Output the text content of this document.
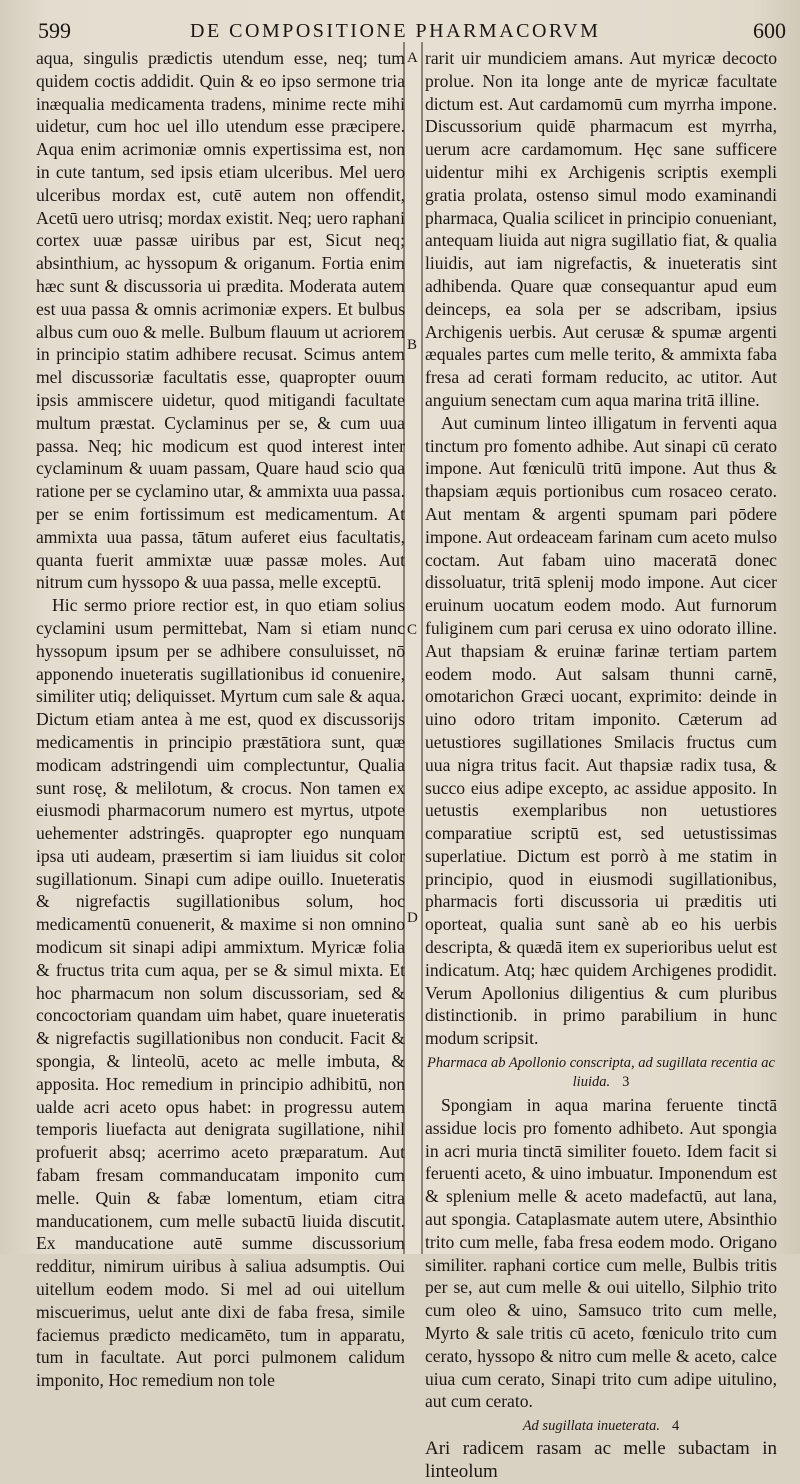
599	DE COMPOSITIONE PHARMACORVM	600
A
B
C
D

aqua, singulis prædictis utendum esse, neq; tum quidem coctis addidit. Quin & eo ipso sermone tria inæqualia medicamenta tradens, minime recte mihi uidetur, cum hoc uel illo utendum esse præcipere. Aqua enim acrimoniæ omnis expertissima est, non in cute tantum, sed ipsis etiam ulceribus. Mel uero ulceribus mordax est, cutē autem non offendit, Acetū uero utrisq; mordax existit. Neq; uero raphani cortex uuæ passæ uiribus par est, Sicut neq; absinthium, ac hyssopum & origanum. Fortia enim hæc sunt & discussoria ui prædita. Moderata autem est uua passa & omnis acrimoniæ expers. Et bulbus albus cum ouo & melle. Bulbum flauum ut acriorem in principio statim adhibere recusat. Scimus antem mel discussoriæ facultatis esse, quapropter ouum ipsis ammiscere uidetur, quod mitigandi facultate multum præstat. Cyclaminus per se, & cum uua passa. Neq; hic modicum est quod interest inter cyclaminum & uuam passam, Quare haud scio qua ratione per se cyclamino utar, & ammixta uua passa. per se enim fortissimum est medicamentum. At ammixta uua passa, tātum auferet eius facultatis, quanta fuerit ammixtæ uuæ passæ moles. Aut nitrum cum hyssopo & uua passa, melle exceptū.

Hic sermo priore rectior est, in quo etiam solius cyclamini usum permittebat, Nam si etiam nunc hyssopum ipsum per se adhibere consuluisset, nō apponendo inueteratis sugillationibus id conuenire, similiter utiq; deliquisset. Myrtum cum sale & aqua. Dictum etiam antea à me est, quod ex discussorijs medicamentis in principio præstātiora sunt, quæ modicam adstringendi uim complectuntur, Qualia sunt rosę, & melilotum, & crocus. Non tamen ex eiusmodi pharmacorum numero est myrtus, utpote uehementer adstringēs. quapropter ego nunquam ipsa uti audeam, præsertim si iam liuidus sit color sugillationum. Sinapi cum adipe ouillo. Inueteratis & nigrefactis sugillationibus solum, hoc medicamentū conuenerit, & maxime si non omnino modicum sit sinapi adipi ammixtum. Myricæ folia & fructus trita cum aqua, per se & simul mixta. Et hoc pharmacum non solum discussoriam, sed & concoctoriam quandam uim habet, quare inueteratis & nigrefactis sugillationibus non conducit. Facit & spongia, & linteolū, aceto ac melle imbuta, & apposita. Hoc remedium in principio adhibitū, non ualde acri aceto opus habet: in progressu autem temporis liuefacta aut denigrata sugillatione, nihil profuerit absq; acerrimo aceto præparatum. Aut fabam fresam commanducatam imponito cum melle. Quin & fabæ lomentum, etiam citra manducationem, cum melle subactū liuida discutit. Ex manducatione autē summe discussorium redditur, nimirum uiribus à saliua adsumptis. Oui uitellum eodem modo. Si mel ad oui uitellum miscuerimus, uelut ante dixi de faba fresa, simile faciemus prædicto medicamēto, tum in apparatu, tum in facultate. Aut porci pulmonem calidum imponito, Hoc remedium non tole

rarit uir mundiciem amans. Aut myricæ decocto prolue. Non ita longe ante de myricæ facultate dictum est. Aut cardamomū cum myrrha impone. Discussorium quidē pharmacum est myrrha, uerum acre cardamomum. Hęc sane sufficere uidentur mihi ex Archigenis scriptis exempli gratia prolata, ostenso simul modo examinandi pharmaca, Qualia scilicet in principio conueniant, antequam liuida aut nigra sugillatio fiat, & qualia liuidis, aut iam nigrefactis, & inueteratis sint adhibenda. Quare quæ consequantur apud eum deinceps, ea sola per se adscribam, ipsius Archigenis uerbis. Aut cerusæ & spumæ argenti æquales partes cum melle terito, & ammixta faba fresa ad cerati formam reducito, ac utitor. Aut anguium senectam cum aqua marina tritā illine.

Aut cuminum linteo illigatum in ferventi aqua tinctum pro fomento adhibe. Aut sinapi cū cerato impone. Aut fœniculū tritū impone. Aut thus & thapsiam æquis portionibus cum rosaceo cerato. Aut mentam & argenti spumam pari pōdere impone. Aut ordeaceam farinam cum aceto mulso coctam. Aut fabam uino maceratā donec dissoluatur, tritā splenij modo impone. Aut cicer eruinum uocatum eodem modo. Aut furnorum fuliginem cum pari cerusa ex uino odorato illine. Aut thapsiam & eruinæ farinæ tertiam partem eodem modo. Aut salsam thunni carnē, omotarichon Græci uocant, exprimito: deinde in uino odoro tritam imponito. Cæterum ad uetustiores sugillationes Smilacis fructus cum uua nigra tritus facit. Aut thapsiæ radix tusa, & succo eius adipe excepto, ac assidue apposito. In uetustis exemplaribus non uetustiores comparatiue scriptū est, sed uetustissimas superlatiue. Dictum est porrò à me statim in principio, quod in eiusmodi sugillationibus, pharmacis forti discussoria ui præditis uti oporteat, qualia sunt sanè ab eo his uerbis descripta, & quædā item ex superioribus uelut est indicatum. Atq; hæc quidem Archigenes prodidit. Verum Apollonius diligentius & cum pluribus distinctionib. in primo parabilium in hunc modum scripsit.

Pharmaca ab Apollonio conscripta, ad sugillata recentia ac liuida. 3

Spongiam in aqua marina feruente tinctā assidue locis pro fomento adhibeto. Aut spongia in acri muria tinctā similiter foueto. Idem facit si feruenti aceto, & uino imbuatur. Imponendum est & splenium melle & aceto madefactū, aut lana, aut spongia. Cataplasmate autem utere, Absinthio trito cum melle, faba fresa eodem modo. Origano similiter. raphani cortice cum melle, Bulbis tritis per se, aut cum melle & oui uitello, Silphio trito cum oleo & uino, Samsuco trito cum melle, Myrto & sale tritis cū aceto, fœniculo trito cum cerato, hyssopo & nitro cum melle & aceto, calce uiua cum cerato, Sinapi trito cum adipe uitulino, aut cum cerato.

Ad sugillata inueterata. 4

Ari radicem rasam ac melle subactam in linteolum
